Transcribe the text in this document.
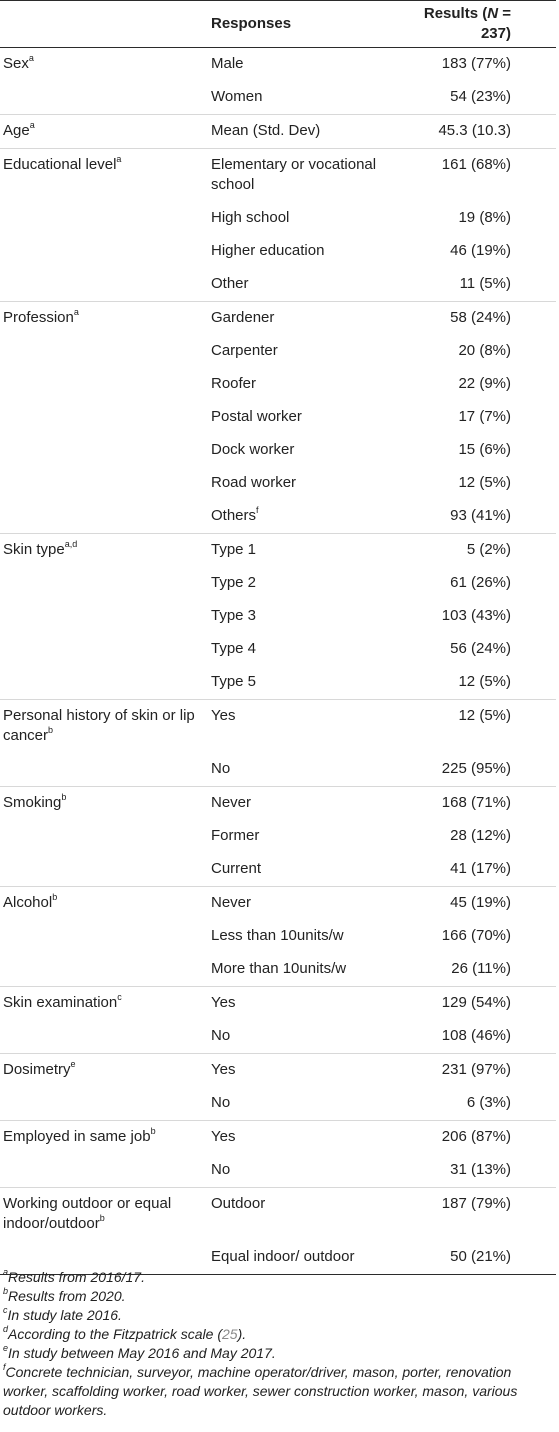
	Responses	Results (N = 237)
Sex$^a$	Male	183 (77%)
	Women	54 (23%)
Age$^a$	Mean (Std. Dev)	45.3 (10.3)
Educational level$^a$	Elementary or vocational school	161 (68%)
	High school	19 (8%)
	Higher education	46 (19%)
	Other	11 (5%)
Profession$^a$	Gardener	58 (24%)
	Carpenter	20 (8%)
	Roofer	22 (9%)
	Postal worker	17 (7%)
	Dock worker	15 (6%)
	Road worker	12 (5%)
	Others$^f$	93 (41%)
Skin type$^{a,d}$	Type 1	5 (2%)
	Type 2	61 (26%)
	Type 3	103 (43%)
	Type 4	56 (24%)
	Type 5	12 (5%)
Personal history of skin or lip cancer$^b$	Yes	12 (5%)
	No	225 (95%)
Smoking$^b$	Never	168 (71%)
	Former	28 (12%)
	Current	41 (17%)
Alcohol$^b$	Never	45 (19%)
	Less than 10units/w	166 (70%)
	More than 10units/w	26 (11%)
Skin examination$^c$	Yes	129 (54%)
	No	108 (46%)
Dosimetry$^e$	Yes	231 (97%)
	No	6 (3%)
Employed in same job$^b$	Yes	206 (87%)
	No	31 (13%)
Working outdoor or equal indoor/outdoor$^b$	Outdoor	187 (79%)
	Equal indoor/ outdoor	50 (21%)

$^a$Results from 2016/17.

$^b$Results from 2020.

$^c$In study late 2016.

$^d$According to the Fitzpatrick scale (25).

$^e$In study between May 2016 and May 2017.

$^f$Concrete technician, surveyor, machine operator/driver, mason, porter, renovation worker, scaffolding worker, road worker, sewer construction worker, mason, various outdoor workers.
